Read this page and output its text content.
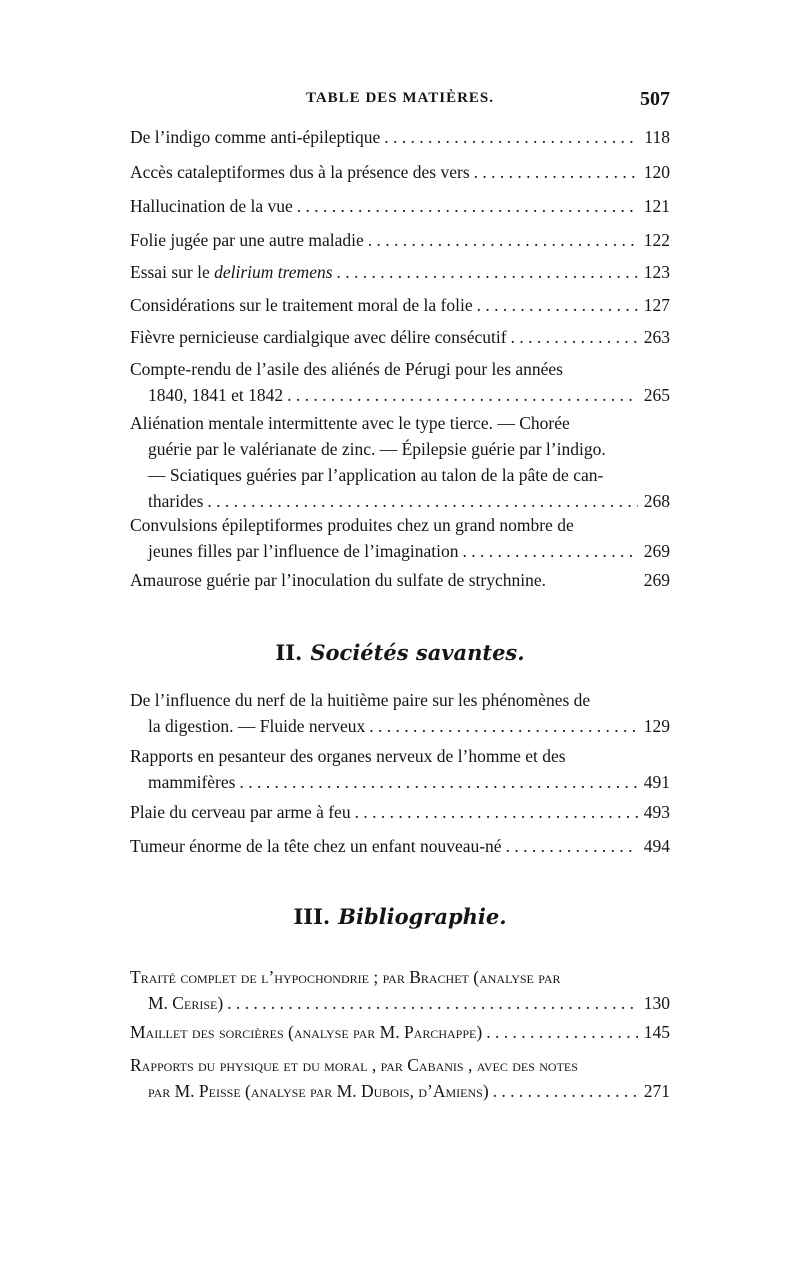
TABLE DES MATIÈRES.	507
De l’indigo comme anti-épileptique . . .	118
Accès cataleptiformes dus à la présence des vers . . .	120
Hallucination de la vue . . .	121
Folie jugée par une autre maladie . . .	122
Essai sur le delirium tremens . . .	123
Considérations sur le traitement moral de la folie . . .	127
Fièvre pernicieuse cardialgique avec délire consécutif . . .	263
Compte-rendu de l’asile des aliénés de Pérugi pour les années
1840, 1841 et 1842 . . .	265
Aliénation mentale intermittente avec le type tierce. — Chorée
guérie par le valérianate de zinc. — Épilepsie guérie par l’indigo.
— Sciatiques guéries par l’application au talon de la pâte de can-
tharides . . .	268
Convulsions épileptiformes produites chez un grand nombre de
jeunes filles par l’influence de l’imagination . . .	269
Amaurose guérie par l’inoculation du sulfate de strychnine.	269
II. Sociétés savantes.
De l’influence du nerf de la huitième paire sur les phénomènes de
la digestion. — Fluide nerveux . . .	129
Rapports en pesanteur des organes nerveux de l’homme et des
mammifères . . .	491
Plaie du cerveau par arme à feu . . .	493
Tumeur énorme de la tête chez un enfant nouveau-né . . .	494
III. Bibliographie.
Traité complet de l’hypochondrie ; par Brachet (analyse par
M. Cerise) . . .	130
Maillet des sorcières (analyse par M. Parchappe) . . .	145
Rapports du physique et du moral , par Cabanis , avec des notes
par M. Peisse (analyse par M. Dubois, d’Amiens) . . .	271
